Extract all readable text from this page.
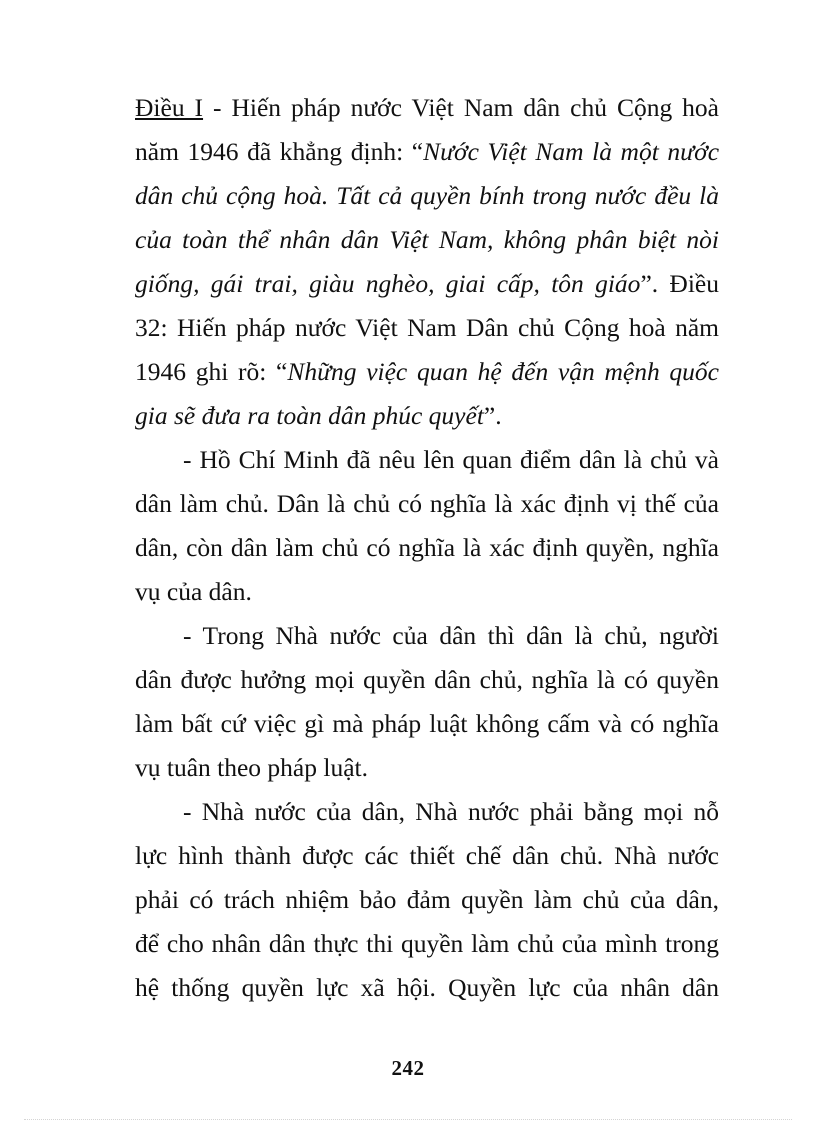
Điều I - Hiến pháp nước Việt Nam dân chủ Cộng hoà
năm 1946 đã khẳng định: “Nước Việt Nam là một nước
dân chủ cộng hoà. Tất cả quyền bính trong nước đều là
của toàn thể nhân dân Việt Nam, không phân biệt nòi
giống, gái trai, giàu nghèo, giai cấp, tôn giáo”. Điều
32: Hiến pháp nước Việt Nam Dân chủ Cộng hoà năm
1946 ghi rõ: “Những việc quan hệ đến vận mệnh quốc
gia sẽ đưa ra toàn dân phúc quyết”.
- Hồ Chí Minh đã nêu lên quan điểm dân là chủ và
dân làm chủ. Dân là chủ có nghĩa là xác định vị thế của
dân, còn dân làm chủ có nghĩa là xác định quyền, nghĩa
vụ của dân.
- Trong Nhà nước của dân thì dân là chủ, người
dân được hưởng mọi quyền dân chủ, nghĩa là có quyền
làm bất cứ việc gì mà pháp luật không cấm và có nghĩa
vụ tuân theo pháp luật.
- Nhà nước của dân, Nhà nước phải bằng mọi nỗ
lực hình thành được các thiết chế dân chủ. Nhà nước
phải có trách nhiệm bảo đảm quyền làm chủ của dân,
để cho nhân dân thực thi quyền làm chủ của mình trong
hệ thống quyền lực xã hội. Quyền lực của nhân dân
242
